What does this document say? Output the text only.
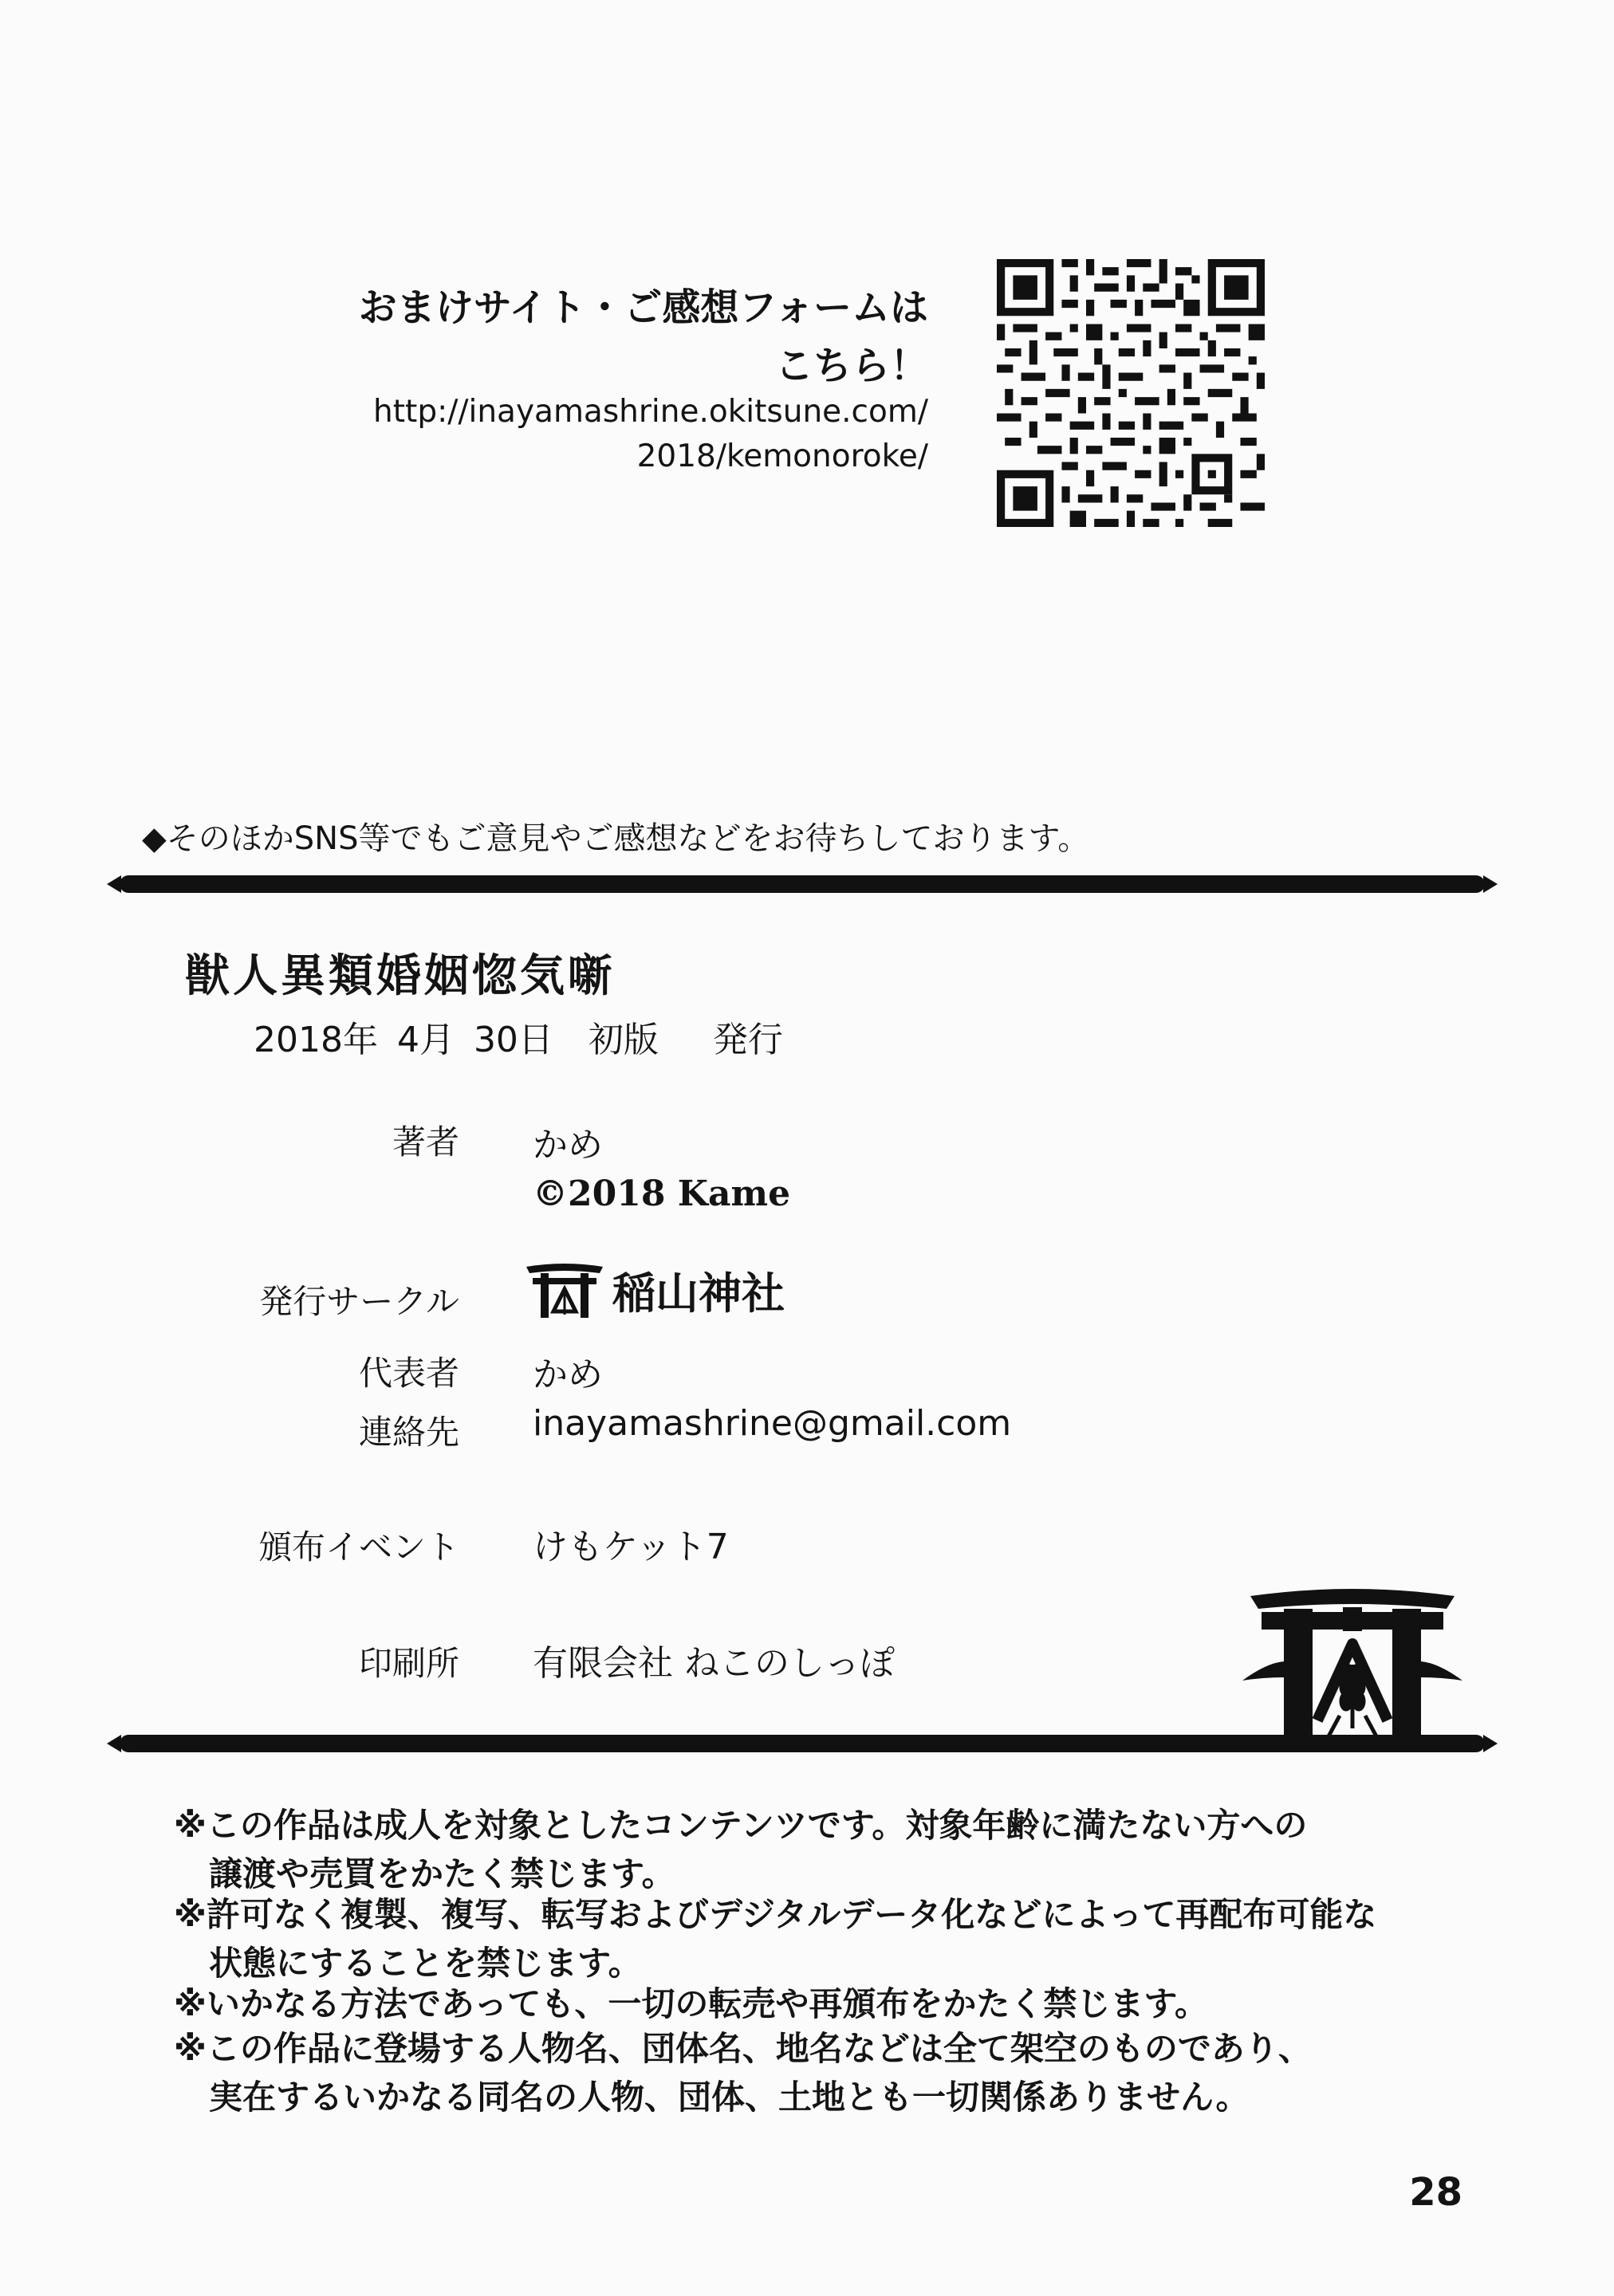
おまけサイト・ご感想フォームは
こちら！
http://inayamashrine.okitsune.com/
2018/kemonoroke/
◆そのほかSNS等でもご意見やご感想などをお待ちしております。
獣人異類婚姻惚気噺
2018年 4月 30日　初版　 発行
著者 かめ
©2018 Kame
発行サークル	稲山神社
代表者 かめ
連絡先 inayamashrine@gmail.com
頒布イベント けもケット7
印刷所 有限会社 ねこのしっぽ
※この作品は成人を対象としたコンテンツです。対象年齢に満たない方への
譲渡や売買をかたく禁じます。
※許可なく複製、複写、転写およびデジタルデータ化などによって再配布可能な
状態にすることを禁じます。
※いかなる方法であっても、一切の転売や再頒布をかたく禁じます。
※この作品に登場する人物名、団体名、地名などは全て架空のものであり、
実在するいかなる同名の人物、団体、土地とも一切関係ありません。
28
